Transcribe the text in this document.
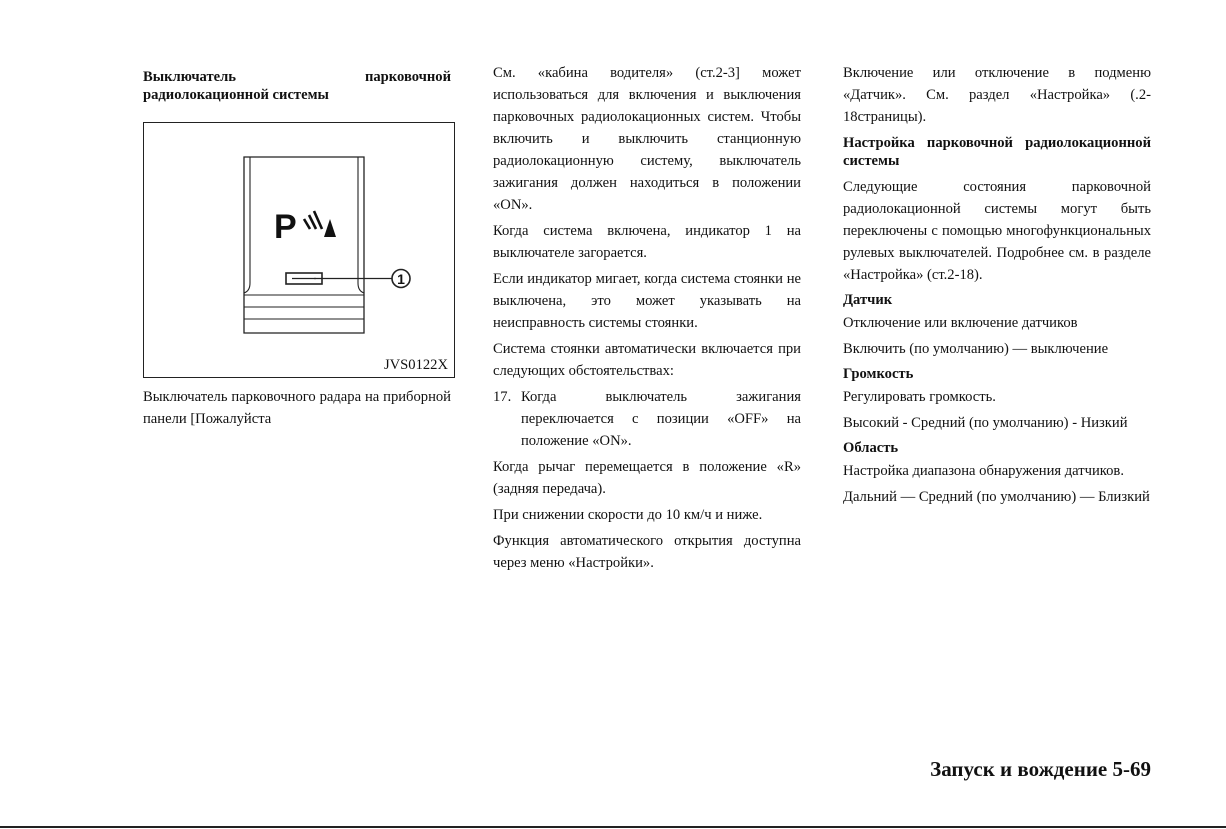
Выключатель парковочной радиолокационной системы
P
1
JVS0122X

Выключатель парковочного радара на приборной панели [Пожалуйста

См. «кабина водителя» (ст.2-3] может использоваться для включения и выключения парковочных радиолокационных систем. Чтобы включить и выключить станционную радиолокационную систему, выключатель зажигания должен находиться в положении «ON».

Когда система включена, индикатор 1 на выключателе загорается.

Если индикатор мигает, когда система стоянки не выключена, это может указывать на неисправность системы стоянки.

Система стоянки автоматически включается при следующих обстоятельствах:

17. Когда выключатель зажигания переключается с позиции «OFF» на положение «ON».

Когда рычаг перемещается в положение «R» (задняя передача).

При снижении скорости до 10 км/ч и ниже.

Функция автоматического открытия доступна через меню «Настройки».

Включение или отключение в подменю «Датчик». См. раздел «Настройка» (.2-18страницы).

Настройка парковочной радиолокационной системы

Следующие состояния парковочной радиолокационной системы могут быть переключены с помощью многофункциональных рулевых выключателей. Подробнее см. в разделе «Настройка» (ст.2-18).

Датчик

Отключение или включение датчиков

Включить (по умолчанию) — выключение

Громкость

Регулировать громкость.

Высокий - Средний (по умолчанию) - Низкий

Область

Настройка диапазона обнаружения датчиков.

Дальний — Средний (по умолчанию) — Близкий

Запуск и вождение 5-69
